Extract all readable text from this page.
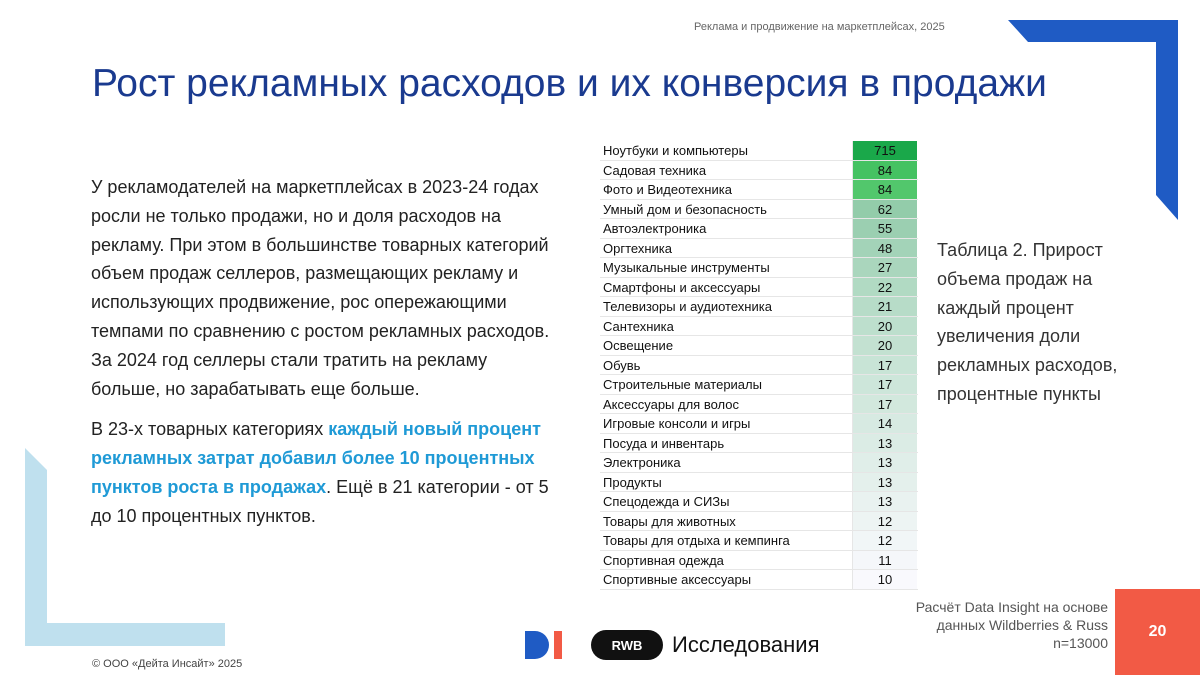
Реклама и продвижение на маркетплейсах, 2025
Рост рекламных расходов и их конверсия в продажи

У рекламодателей на маркетплейсах в 2023-24 годах росли не только продажи, но и доля расходов на рекламу. При этом в большинстве товарных категорий объем продаж селлеров, размещающих рекламу и использующих продвижение, рос опережающими темпами по сравнению с ростом рекламных расходов. За 2024 год селлеры стали тратить на рекламу больше, но зарабатывать еще больше.

В 23-х товарных категориях каждый новый процент рекламных затрат добавил более 10 процентных пунктов роста в продажах. Ещё в 21 категории - от 5 до 10 процентных пунктов.

Ноутбуки и компьютеры	715
Садовая техника	84
Фото и Видеотехника	84
Умный дом и безопасность	62
Автоэлектроника	55
Оргтехника	48
Музыкальные инструменты	27
Смартфоны и аксессуары	22
Телевизоры и аудиотехника	21
Сантехника	20
Освещение	20
Обувь	17
Строительные материалы	17
Аксессуары для волос	17
Игровые консоли и игры	14
Посуда и инвентарь	13
Электроника	13
Продукты	13
Спецодежда и СИЗы	13
Товары для животных	12
Товары для отдыха и кемпинга	12
Спортивная одежда	11
Спортивные аксессуары	10
Таблица 2. Прирост объема продаж на каждый процент увеличения доли рекламных расходов, процентные пункты
Расчёт Data Insight на основе
данных Wildberries & Russ
n=13000
20
RWB Исследования
© ООО «Дейта Инсайт» 2025
